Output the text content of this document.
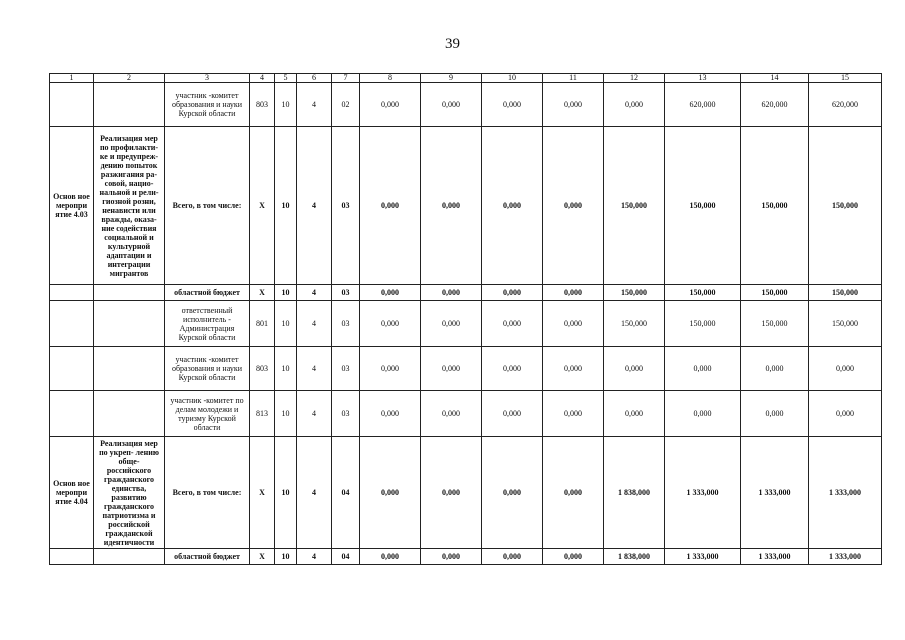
39
1	2	3	4	5	6	7	8	9	10	11	12	13	14	15
		участник -комитет образования и науки Курской области	803	10	4	02	0,000	0,000	0,000	0,000	0,000	620,000	620,000	620,000
Основ ное меропри ятие 4.03	Реализация мер по профилакти- ке и предупреж- дению попыток разжигания ра- совой, нацио- нальной и рели- гиозной розни, ненависти или вражды, оказа- ние содействия социальной и культурной адаптации и интеграции мигрантов	Всего, в том числе:	Х	10	4	03	0,000	0,000	0,000	0,000	150,000	150,000	150,000	150,000
		областной бюджет	Х	10	4	03	0,000	0,000	0,000	0,000	150,000	150,000	150,000	150,000
		ответственный исполнитель - Администрация Курской области	801	10	4	03	0,000	0,000	0,000	0,000	150,000	150,000	150,000	150,000
		участник -комитет образования и науки Курской области	803	10	4	03	0,000	0,000	0,000	0,000	0,000	0,000	0,000	0,000
		участник -комитет по делам молодежи и туризму Курской области	813	10	4	03	0,000	0,000	0,000	0,000	0,000	0,000	0,000	0,000
Основ ное меропри ятие 4.04	Реализация мер по укреп- лению обще- российского гражданского единства, развитию гражданского патриотизма и российской гражданской идентичности	Всего, в том числе:	Х	10	4	04	0,000	0,000	0,000	0,000	1 838,000	1 333,000	1 333,000	1 333,000
		областной бюджет	Х	10	4	04	0,000	0,000	0,000	0,000	1 838,000	1 333,000	1 333,000	1 333,000
